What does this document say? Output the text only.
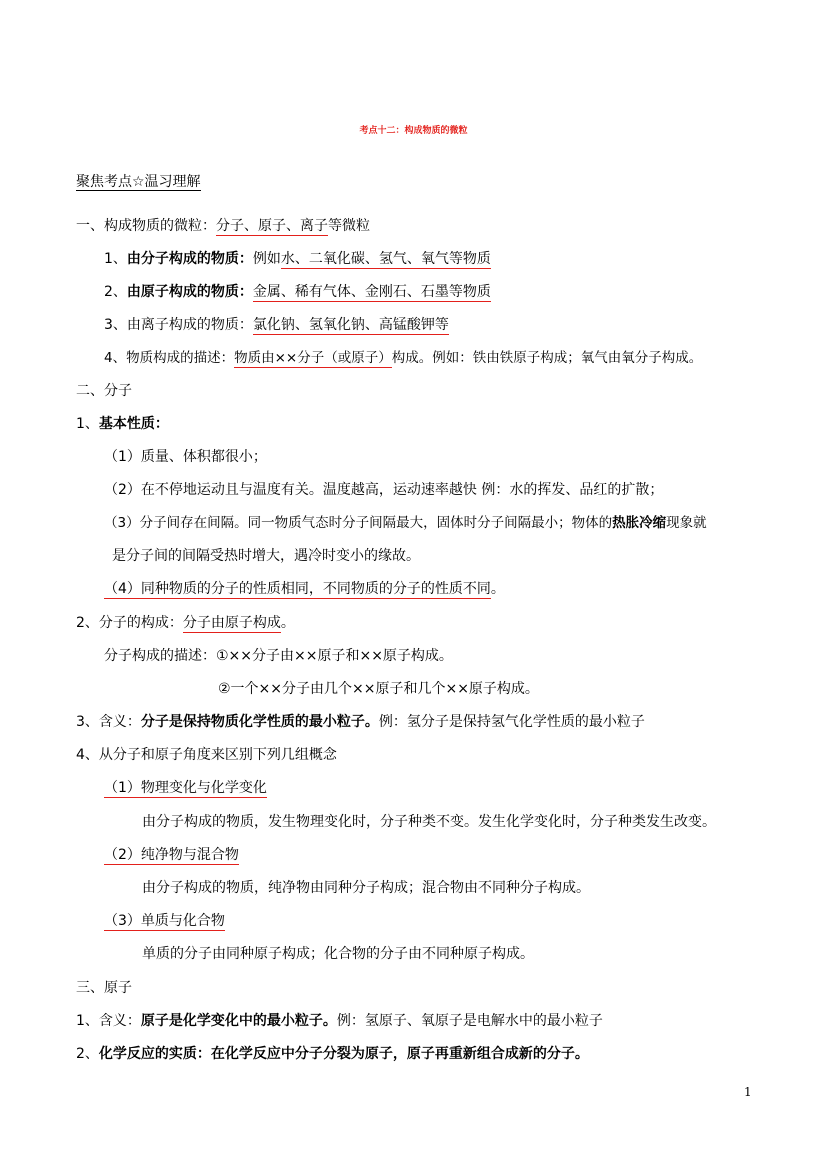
考点十二：构成物质的微粒
聚焦考点☆温习理解
一、构成物质的微粒：分子、原子、离子等微粒
1、由分子构成的物质：例如水、二氧化碳、氢气、氧气等物质
2、由原子构成的物质：金属、稀有气体、金刚石、石墨等物质
3、由离子构成的物质：氯化钠、氢氧化钠、高锰酸钾等
4、物质构成的描述：物质由××分子（或原子）构成。例如：铁由铁原子构成；氧气由氧分子构成。
二、分子
1、基本性质：
（1）质量、体积都很小；
（2）在不停地运动且与温度有关。温度越高，运动速率越快 例：水的挥发、品红的扩散；
（3）分子间存在间隔。同一物质气态时分子间隔最大，固体时分子间隔最小；物体的热胀冷缩现象就
是分子间的间隔受热时增大，遇冷时变小的缘故。
（4）同种物质的分子的性质相同，不同物质的分子的性质不同。
2、分子的构成：分子由原子构成。
分子构成的描述：①××分子由××原子和××原子构成。
②一个××分子由几个××原子和几个××原子构成。
3、含义：分子是保持物质化学性质的最小粒子。例：氢分子是保持氢气化学性质的最小粒子
4、从分子和原子角度来区别下列几组概念
（1）物理变化与化学变化
由分子构成的物质，发生物理变化时，分子种类不变。发生化学变化时，分子种类发生改变。
（2）纯净物与混合物
由分子构成的物质，纯净物由同种分子构成；混合物由不同种分子构成。
（3）单质与化合物
单质的分子由同种原子构成；化合物的分子由不同种原子构成。
三、原子
1、含义：原子是化学变化中的最小粒子。例：氢原子、氧原子是电解水中的最小粒子
2、化学反应的实质：在化学反应中分子分裂为原子，原子再重新组合成新的分子。
1
